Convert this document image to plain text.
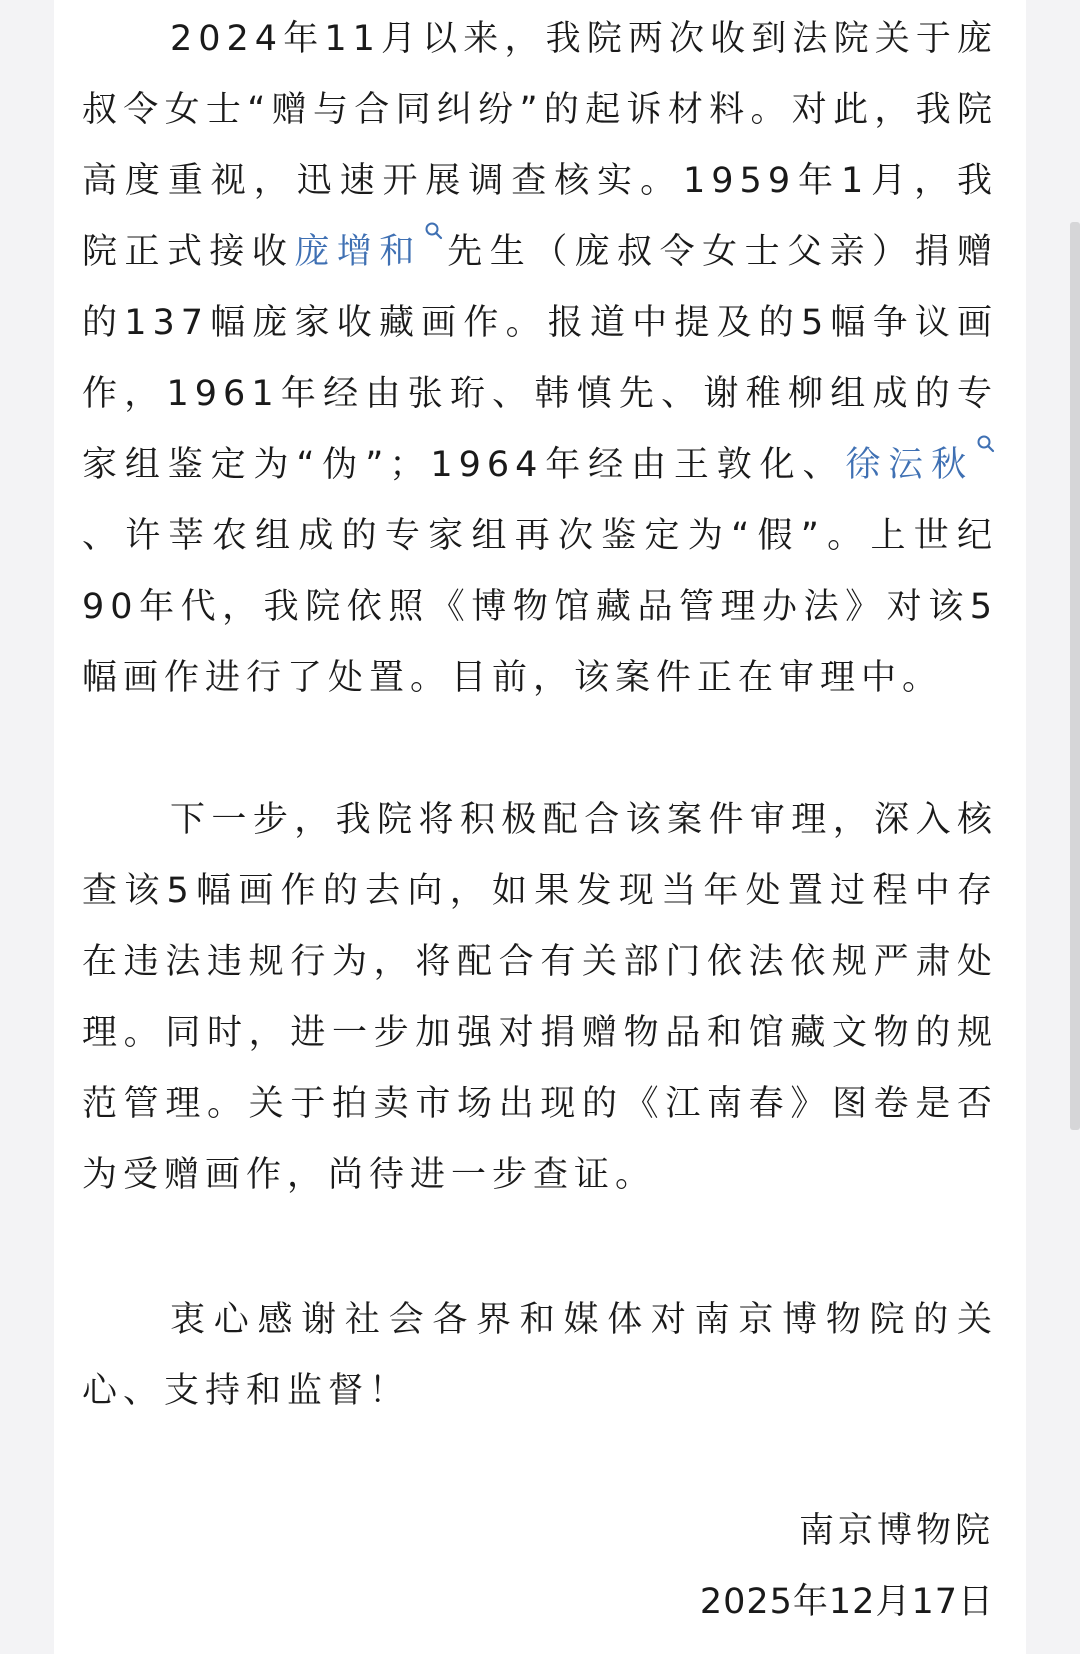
2024年11月以来，我院两次收到法院关于庞叔令女士“赠与合同纠纷”的起诉材料。对此，我院高度重视，迅速开展调查核实。1959年1月，我院正式接收庞增和 先生（庞叔令女士父亲）捐赠的137幅庞家收藏画作。报道中提及的5幅争议画作，1961年经由张珩、韩慎先、谢稚柳组成的专家组鉴定为“伪”；1964年经由王敦化、徐沄秋
、许莘农组成的专家组再次鉴定为“假”。上世纪90年代，我院依照《博物馆藏品管理办法》对该5幅画作进行了处置。目前，该案件正在审理中。

下一步，我院将积极配合该案件审理，深入核查该5幅画作的去向，如果发现当年处置过程中存在违法违规行为，将配合有关部门依法依规严肃处理。同时，进一步加强对捐赠物品和馆藏文物的规范管理。关于拍卖市场出现的《江南春》图卷是否为受赠画作，尚待进一步查证。

衷心感谢社会各界和媒体对南京博物院的关心、支持和监督！

南京博物院

2025年12月17日
